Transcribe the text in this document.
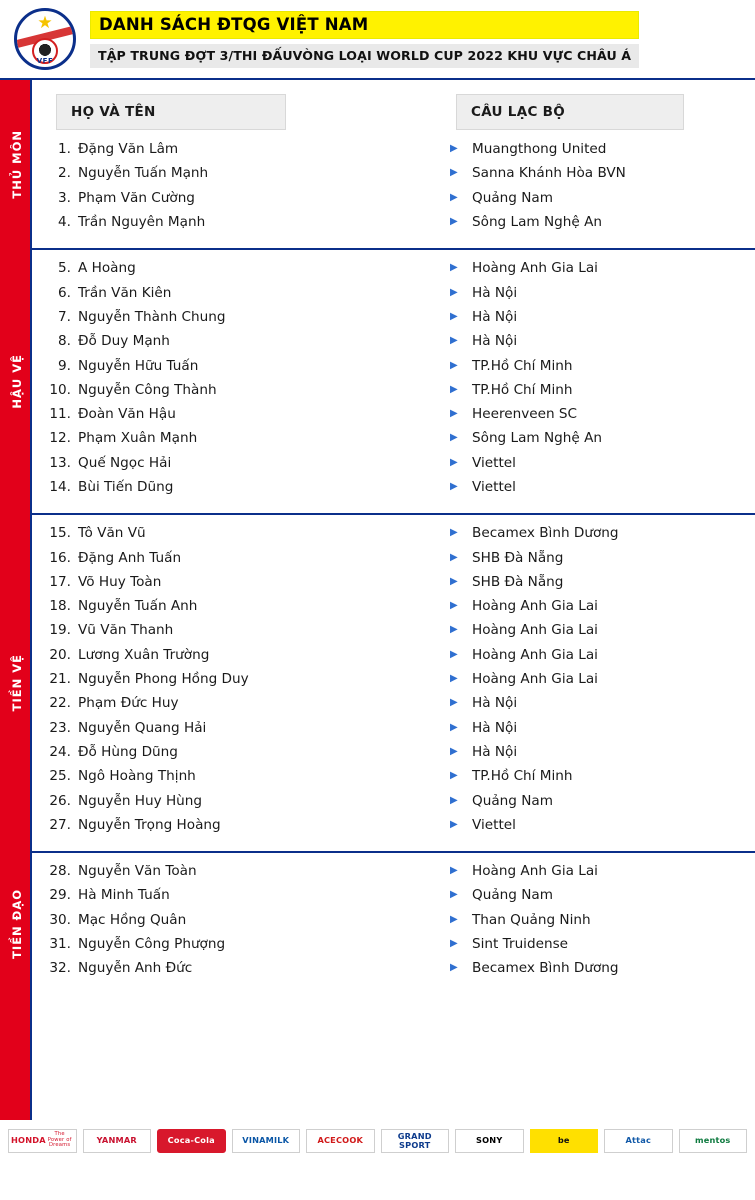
★
VFF
DANH SÁCH ĐTQG VIỆT NAM
TẬP TRUNG ĐỢT 3/THI ĐẤUVÒNG LOẠI WORLD CUP 2022 KHU VỰC CHÂU Á
THỦ MÔN
HỌ VÀ TÊN	CÂU LẠC BỘ
1. Đặng Văn Lâm	▶	Muangthong United
2. Nguyễn Tuấn Mạnh	▶	Sanna Khánh Hòa BVN
3. Phạm Văn Cường	▶	Quảng Nam
4. Trần Nguyên Mạnh	▶	Sông Lam Nghệ An
HẬU VỆ
5. A Hoàng	▶	Hoàng Anh Gia Lai
6. Trần Văn Kiên	▶	Hà Nội
7. Nguyễn Thành Chung	▶	Hà Nội
8. Đỗ Duy Mạnh	▶	Hà Nội
9. Nguyễn Hữu Tuấn	▶	TP.Hồ Chí Minh
10. Nguyễn Công Thành	▶	TP.Hồ Chí Minh
11. Đoàn Văn Hậu	▶	Heerenveen SC
12. Phạm Xuân Mạnh	▶	Sông Lam Nghệ An
13. Quế Ngọc Hải	▶	Viettel
14. Bùi Tiến Dũng	▶	Viettel
TIỀN VỆ
15. Tô Văn Vũ	▶	Becamex Bình Dương
16. Đặng Anh Tuấn	▶	SHB Đà Nẵng
17. Võ Huy Toàn	▶	SHB Đà Nẵng
18. Nguyễn Tuấn Anh	▶	Hoàng Anh Gia Lai
19. Vũ Văn Thanh	▶	Hoàng Anh Gia Lai
20. Lương Xuân Trường	▶	Hoàng Anh Gia Lai
21. Nguyễn Phong Hồng Duy	▶	Hoàng Anh Gia Lai
22. Phạm Đức Huy	▶	Hà Nội
23. Nguyễn Quang Hải	▶	Hà Nội
24. Đỗ Hùng Dũng	▶	Hà Nội
25. Ngô Hoàng Thịnh	▶	TP.Hồ Chí Minh
26. Nguyễn Huy Hùng	▶	Quảng Nam
27. Nguyễn Trọng Hoàng	▶	Viettel
TIỀN ĐẠO
28. Nguyễn Văn Toàn	▶	Hoàng Anh Gia Lai
29. Hà Minh Tuấn	▶	Quảng Nam
30. Mạc Hồng Quân	▶	Than Quảng Ninh
31. Nguyễn Công Phượng	▶	Sint Truidense
32. Nguyễn Anh Đức	▶	Becamex Bình Dương
HONDA
The Power of Dreams
YANMAR	Coca-Cola	VINAMILK	ACECOOK	GRAND SPORT	SONY	be	Attac	mentos
